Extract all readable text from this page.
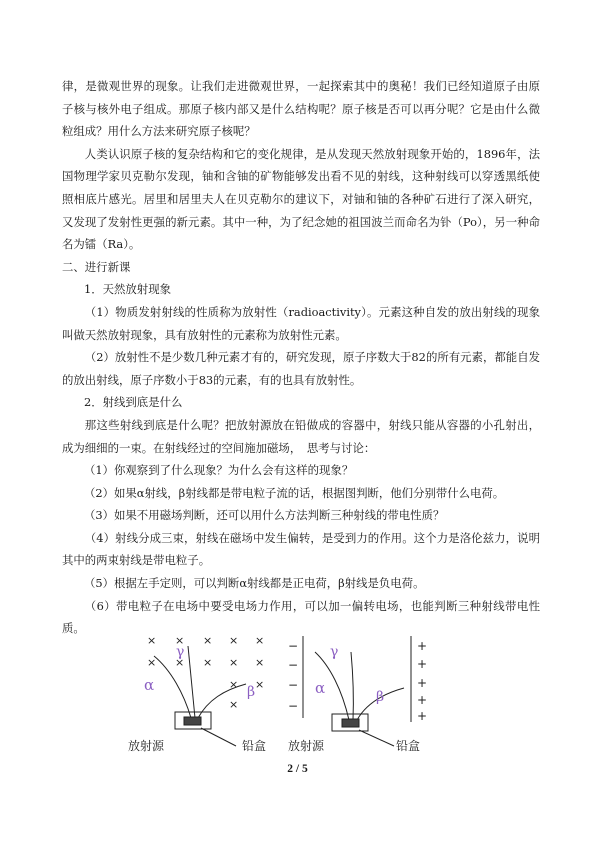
律，是微观世界的现象。让我们走进微观世界，一起探索其中的奥秘！我们已经知道原子由原子核与核外电子组成。那原子核内部又是什么结构呢？原子核是否可以再分呢？它是由什么微粒组成？用什么方法来研究原子核呢？

人类认识原子核的复杂结构和它的变化规律，是从发现天然放射现象开始的，1896年，法国物理学家贝克勒尔发现，铀和含铀的矿物能够发出看不见的射线，这种射线可以穿透黑纸使照相底片感光。居里和居里夫人在贝克勒尔的建议下，对铀和铀的各种矿石进行了深入研究，又发现了发射性更强的新元素。其中一种，为了纪念她的祖国波兰而命名为钋（Po），另一种命名为镭（Ra）。

二、进行新课

1．天然放射现象

（1）物质发射射线的性质称为放射性（radioactivity）。元素这种自发的放出射线的现象叫做天然放射现象，具有放射性的元素称为放射性元素。

（2）放射性不是少数几种元素才有的，研究发现，原子序数大于82的所有元素，都能自发的放出射线，原子序数小于83的元素，有的也具有放射性。

2．射线到底是什么

那这些射线到底是什么呢？把放射源放在铅做成的容器中，射线只能从容器的小孔射出，成为细细的一束。在射线经过的空间施加磁场，　思考与讨论：

（1）你观察到了什么现象？为什么会有这样的现象？

（2）如果α射线，β射线都是带电粒子流的话，根据图判断，他们分别带什么电荷。

（3）如果不用磁场判断，还可以用什么方法判断三种射线的带电性质？

（4）射线分成三束，射线在磁场中发生偏转，是受到力的作用。这个力是洛伦兹力，说明其中的两束射线是带电粒子。

（5）根据左手定则，可以判断α射线都是正电荷，β射线是负电荷。

（6）带电粒子在电场中要受电场力作用，可以加一偏转电场，也能判断三种射线带电性质。

× × × × ×
× × × × ×
× ×
×
γ
α	β
放射源	铅盒
−
−
−
−
+
+
+
+
+
γ
α	β
放射源	铅盒
2 / 5
